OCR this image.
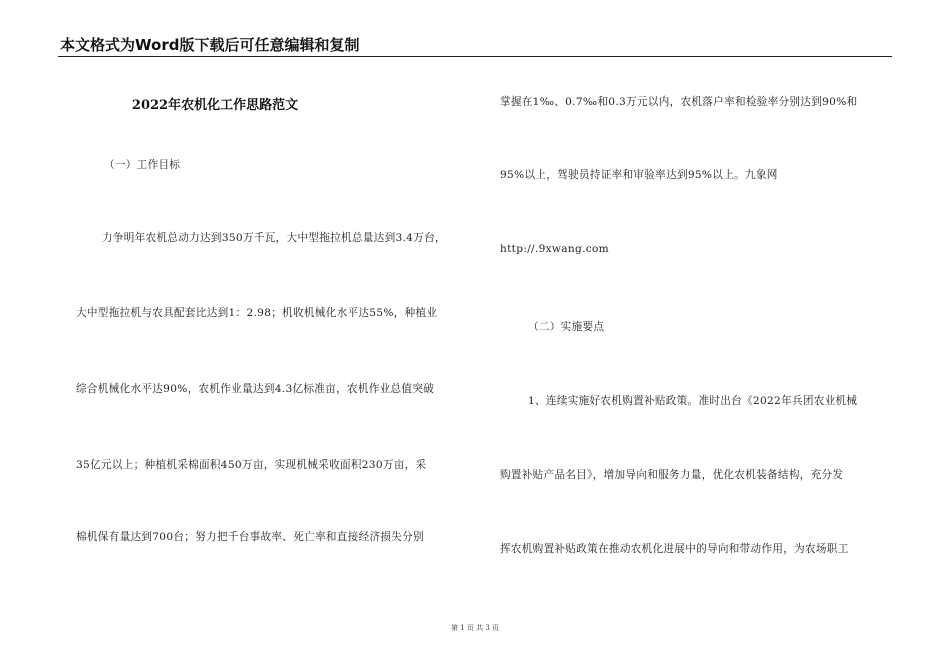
本文格式为Word版下载后可任意编辑和复制
2022年农机化工作思路范文
（一）工作目标
力争明年农机总动力达到350万千瓦，大中型拖拉机总量达到3.4万台，
大中型拖拉机与农具配套比达到1：2.98；机收机械化水平达55%，种植业
综合机械化水平达90%，农机作业量达到4.3亿标准亩，农机作业总值突破
35亿元以上；种植机采棉面积450万亩，实现机械采收面积230万亩，采
棉机保有量达到700台；努力把千台事故率、死亡率和直接经济损失分别
掌握在1‰、0.7‰和0.3万元以内，农机落户率和检验率分别达到90%和
95%以上，驾驶员持证率和审验率达到95%以上。九象网
http://.9xwang.com
（二）实施要点
1、连续实施好农机购置补贴政策。准时出台《2022年兵团农业机械
购置补贴产品名目》，增加导向和服务力量，优化农机装备结构，充分发
挥农机购置补贴政策在推动农机化进展中的导向和带动作用，为农场职工
第 1 页 共 3 页
